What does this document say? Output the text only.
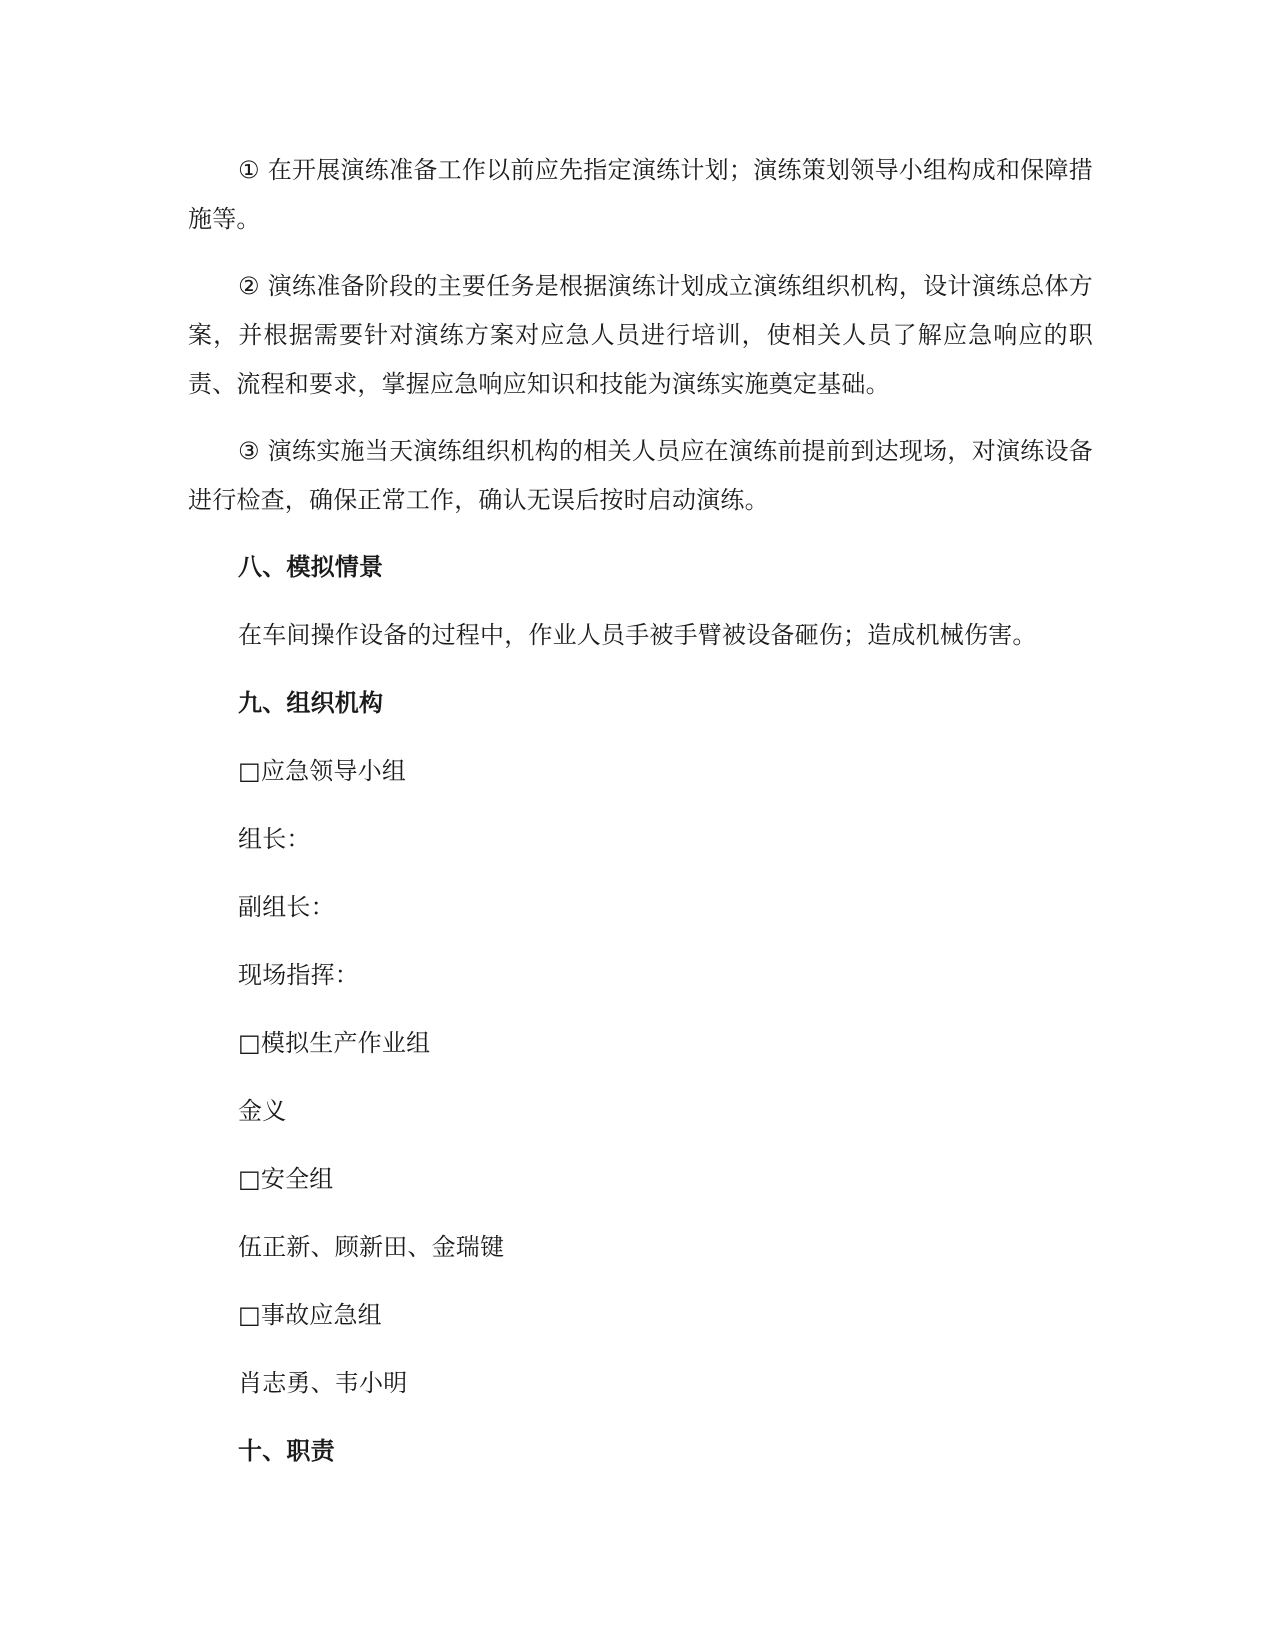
① 在开展演练准备工作以前应先指定演练计划；演练策划领导小组构成和保障措施等。

② 演练准备阶段的主要任务是根据演练计划成立演练组织机构，设计演练总体方案，并根据需要针对演练方案对应急人员进行培训，使相关人员了解应急响应的职责、流程和要求，掌握应急响应知识和技能为演练实施奠定基础。

③ 演练实施当天演练组织机构的相关人员应在演练前提前到达现场，对演练设备进行检查，确保正常工作，确认无误后按时启动演练。

八、模拟情景

在车间操作设备的过程中，作业人员手被手臂被设备砸伤；造成机械伤害。

九、组织机构

□应急领导小组

组长：

副组长：

现场指挥：

□模拟生产作业组

金义

□安全组

伍正新、顾新田、金瑞键

□事故应急组

肖志勇、韦小明

十、职责
